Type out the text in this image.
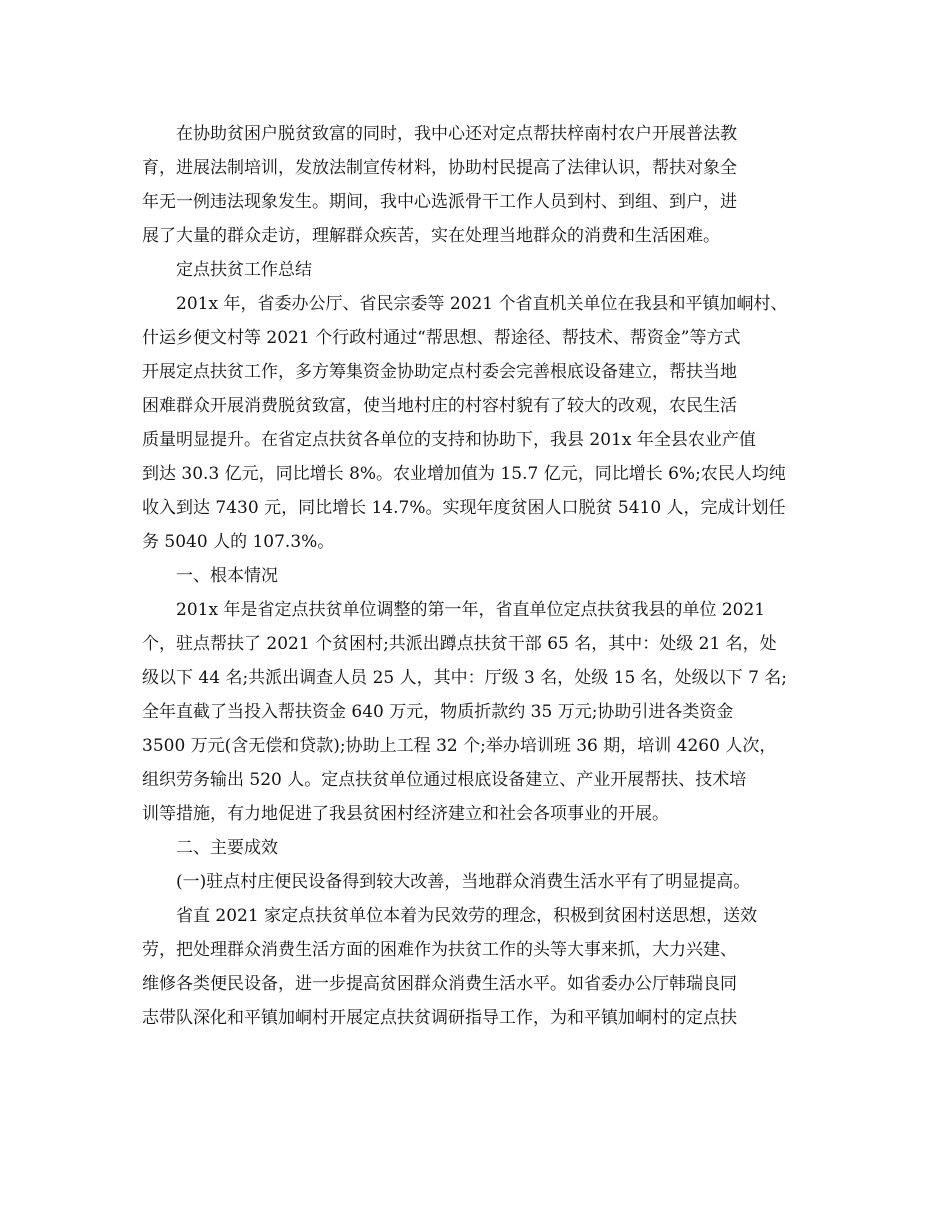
在协助贫困户脱贫致富的同时，我中心还对定点帮扶梓南村农户开展普法教
育，进展法制培训，发放法制宣传材料，协助村民提高了法律认识，帮扶对象全
年无一例违法现象发生。期间，我中心选派骨干工作人员到村、到组、到户，进
展了大量的群众走访，理解群众疾苦，实在处理当地群众的消费和生活困难。
定点扶贫工作总结
201x 年，省委办公厅、省民宗委等 2021 个省直机关单位在我县和平镇加峒村、
什运乡便文村等 2021 个行政村通过“帮思想、帮途径、帮技术、帮资金”等方式
开展定点扶贫工作，多方筹集资金协助定点村委会完善根底设备建立，帮扶当地
困难群众开展消费脱贫致富，使当地村庄的村容村貌有了较大的改观，农民生活
质量明显提升。在省定点扶贫各单位的支持和协助下，我县 201x 年全县农业产值
到达 30.3 亿元，同比增长 8%。农业增加值为 15.7 亿元，同比增长 6%;农民人均纯
收入到达 7430 元，同比增长 14.7%。实现年度贫困人口脱贫 5410 人，完成计划任
务 5040 人的 107.3%。
一、根本情况
201x 年是省定点扶贫单位调整的第一年，省直单位定点扶贫我县的单位 2021
个，驻点帮扶了 2021 个贫困村;共派出蹲点扶贫干部 65 名，其中：处级 21 名，处
级以下 44 名;共派出调查人员 25 人，其中：厅级 3 名，处级 15 名，处级以下 7 名;
全年直截了当投入帮扶资金 640 万元，物质折款约 35 万元;协助引进各类资金
3500 万元(含无偿和贷款);协助上工程 32 个;举办培训班 36 期，培训 4260 人次，
组织劳务输出 520 人。定点扶贫单位通过根底设备建立、产业开展帮扶、技术培
训等措施，有力地促进了我县贫困村经济建立和社会各项事业的开展。
二、主要成效
(一)驻点村庄便民设备得到较大改善，当地群众消费生活水平有了明显提高。
省直 2021 家定点扶贫单位本着为民效劳的理念，积极到贫困村送思想，送效
劳，把处理群众消费生活方面的困难作为扶贫工作的头等大事来抓，大力兴建、
维修各类便民设备，进一步提高贫困群众消费生活水平。如省委办公厅韩瑞良同
志带队深化和平镇加峒村开展定点扶贫调研指导工作，为和平镇加峒村的定点扶
